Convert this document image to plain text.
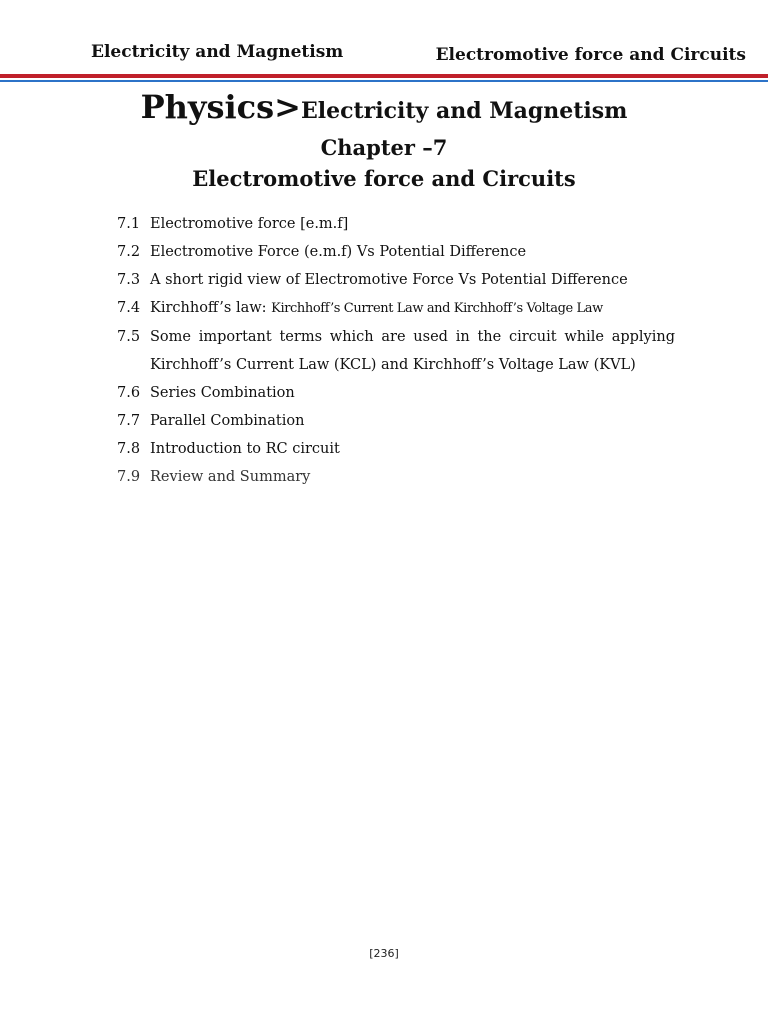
Electricity and Magnetism	Electromotive force and Circuits
Physics>Electricity and Magnetism
Chapter –7
Electromotive force and Circuits
7.1 Electromotive force [e.m.f]
7.2 Electromotive Force (e.m.f) Vs Potential Difference
7.3 A short rigid view of Electromotive Force Vs Potential Difference
7.4 Kirchhoff’s law: Kirchhoff’s Current Law and Kirchhoff’s Voltage Law
7.5 Some important terms which are used in the circuit while applying Kirchhoff’s Current Law (KCL) and Kirchhoff’s Voltage Law (KVL)
7.6 Series Combination
7.7 Parallel Combination
7.8 Introduction to RC circuit
7.9 Review and Summary
[236]
